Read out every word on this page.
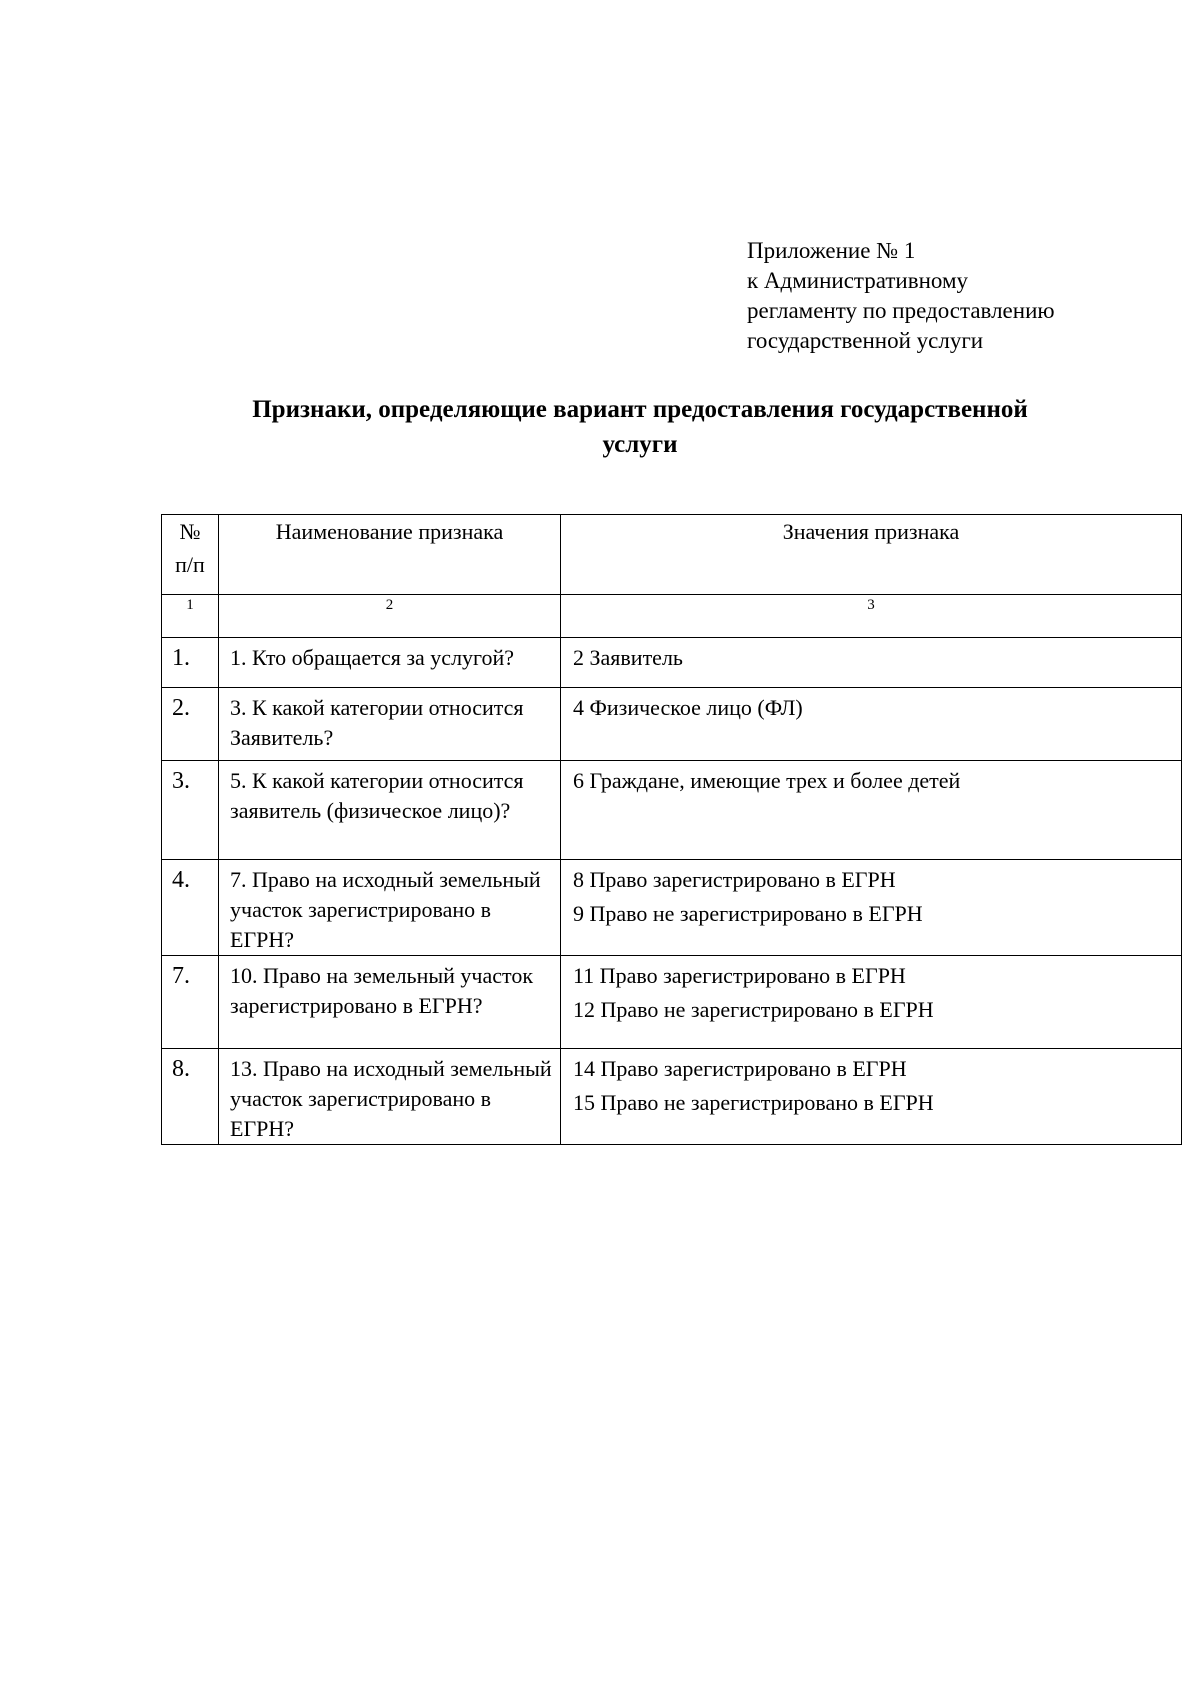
Приложение № 1
к Административному
регламенту по предоставлению
государственной услуги
Признаки, определяющие вариант предоставления государственной
услуги
№
п/п	Наименование признака	Значения признака
1	2	3
1.	1. Кто обращается за услугой?	2 Заявитель

2.	3. К какой категории относится Заявитель?	4 Физическое лицо (ФЛ)

3.	5. К какой категории относится заявитель (физическое лицо)?	6 Граждане, имеющие трех и более детей

4.	7. Право на исходный земельный участок зарегистрировано в ЕГРН?	8 Право зарегистрировано в ЕГРН
9 Право не зарегистрировано в ЕГРН

7.	10. Право на земельный участок зарегистрировано в ЕГРН?	11 Право зарегистрировано в ЕГРН
12 Право не зарегистрировано в ЕГРН

8.	13. Право на исходный земельный участок зарегистрировано в ЕГРН?	14 Право зарегистрировано в ЕГРН
15 Право не зарегистрировано в ЕГРН
